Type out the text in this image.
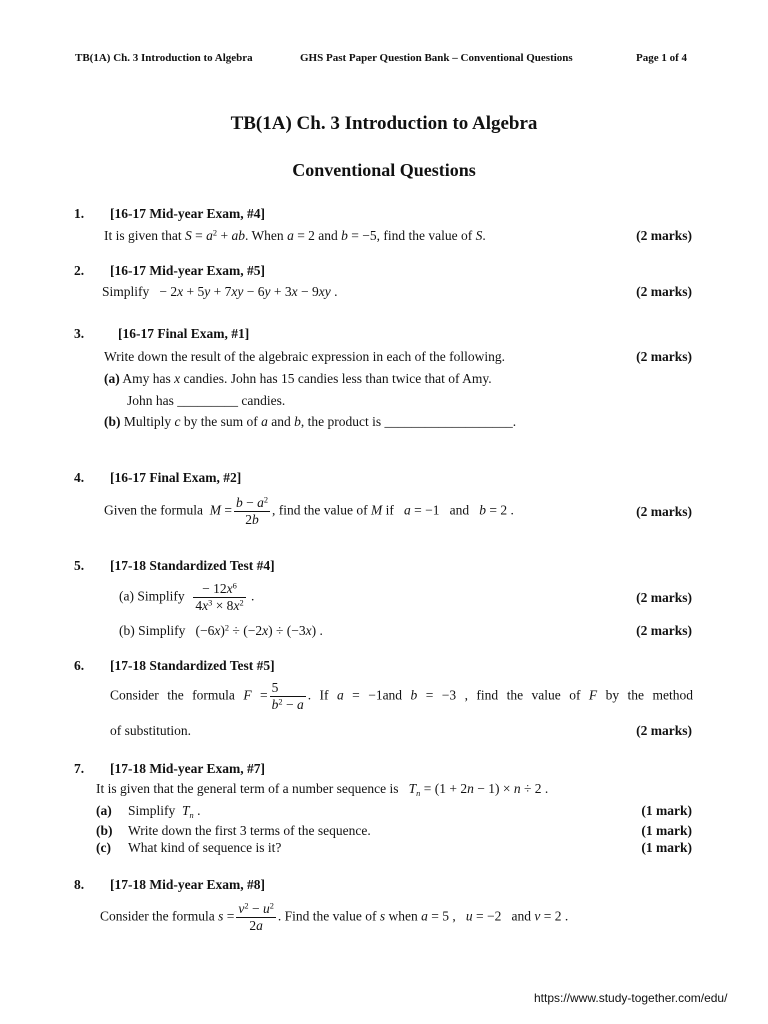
TB(1A) Ch. 3 Introduction to Algebra	GHS Past Paper Question Bank – Conventional Questions	Page 1 of 4
TB(1A) Ch. 3 Introduction to Algebra
Conventional Questions
1. [16-17 Mid-year Exam, #4]
It is given that $S = a^2$ + ab. When a = 2 and b = −5, find the value of S.	(2 marks)
2. [16-17 Mid-year Exam, #5]
Simplify   − 2x + 5y + 7xy − 6y + 3x − 9xy .	(2 marks)
3.	[16-17 Final Exam, #1]
Write down the result of the algebraic expression in each of the following.	(2 marks)
(a) Amy has x candies. John has 15 candies less than twice that of Amy.
John has _________ candies.
(b) Multiply c by the sum of a and b, the product is ___________________.
4. [16-17 Final Exam, #2]
Given the formula  $M = \frac{b - a^2}{2b}$ , find the value of M if   a = −1   and   b = 2 .	(2 marks)
5. [17-18 Standardized Test #4]
(a) Simplify $\frac{- 12x^6}{4x^3 \times 8x^2}$ .	(2 marks)
(b) Simplify   $(-6x)^2 \div (-2x) \div (-3x)$ .	(2 marks)
6. [17-18 Standardized Test #5]
Consider the formula $F = \frac{5}{b^2 - a}$ . If a = −1and b = −3 , find the value of F by the method
of substitution.	(2 marks)
7. [17-18 Mid-year Exam, #7]
It is given that the general term of a number sequence is   $T_n = (1 + 2n - 1) \times n \div 2$ .
(a) Simplify  $T_n$ .	(1 mark)
(b) Write down the first 3 terms of the sequence.	(1 mark)
(c) What kind of sequence is it?	(1 mark)
8. [17-18 Mid-year Exam, #8]
Consider the formula $s = \frac{v^2 - u^2}{2a}$ . Find the value of s when a = 5 ,   u = −2   and v = 2 .
https://www.study-together.com/edu/
